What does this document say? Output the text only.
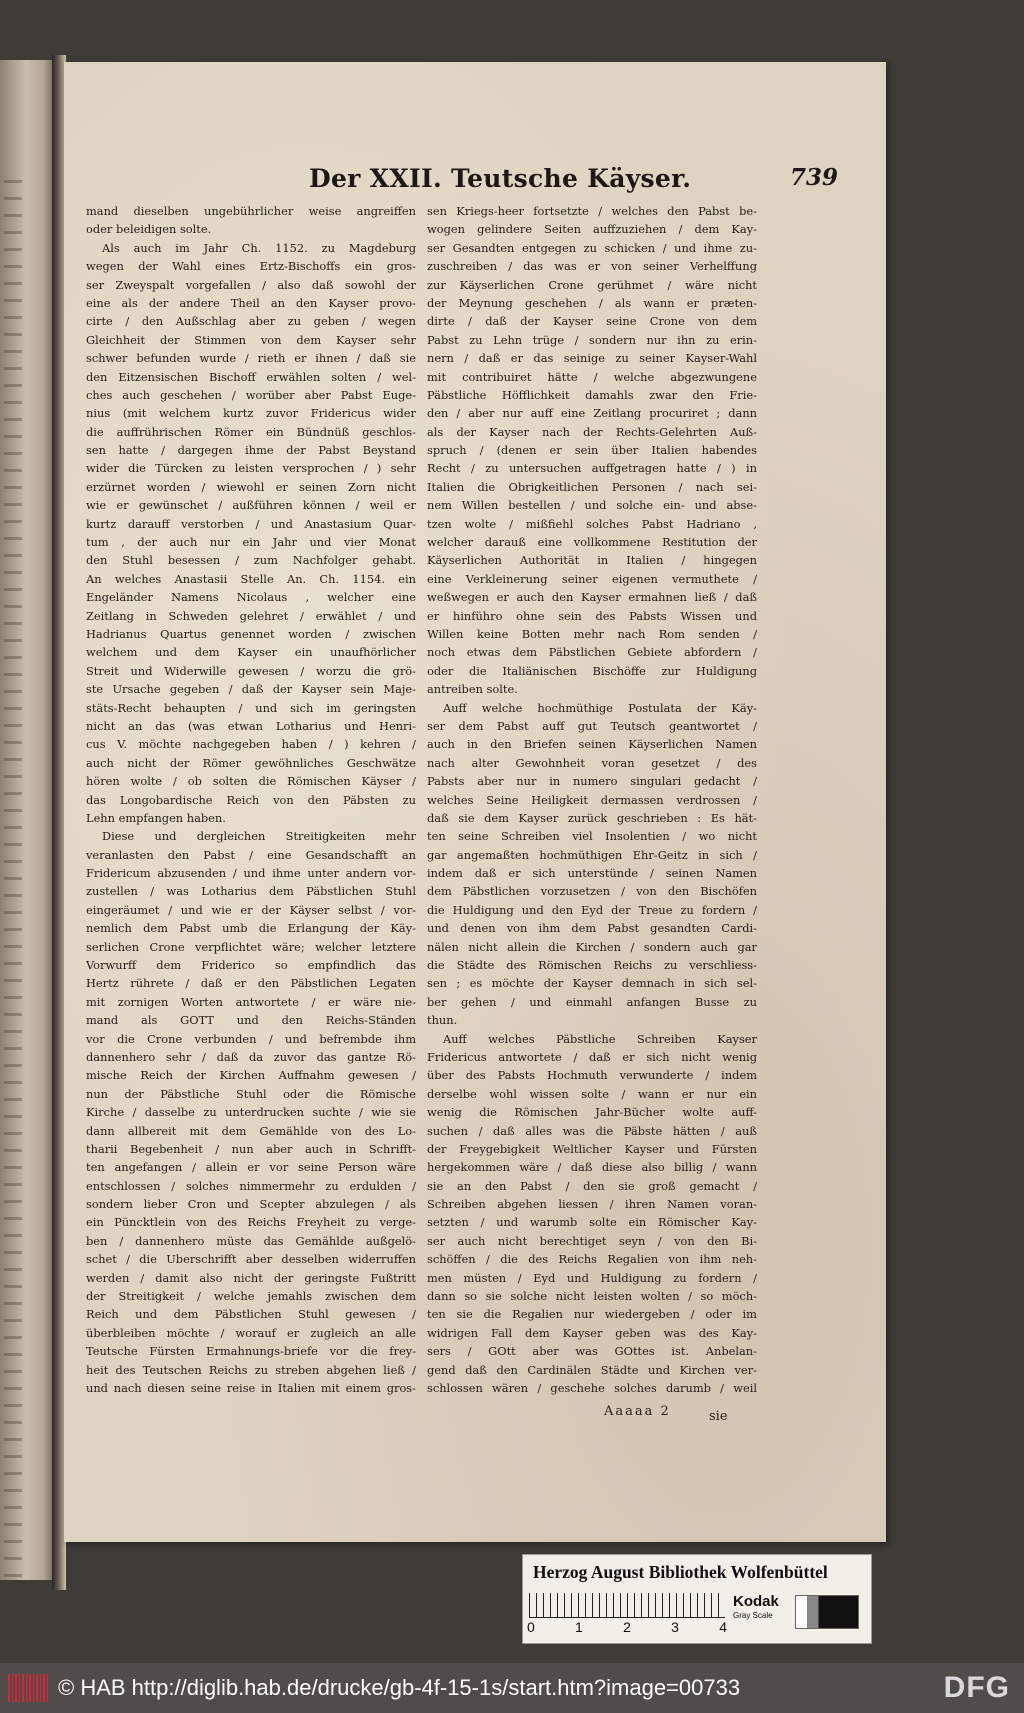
Der XXII. Teutsche Käyser.	739
mand dieselben ungebührlicher weise angreiffen
oder beleidigen solte.
Als auch im Jahr Ch. 1152. zu Magdeburg
wegen der Wahl eines Ertz-Bischoffs ein gros-
ser Zweyspalt vorgefallen / also daß sowohl der
eine als der andere Theil an den Kayser provo-
cirte / den Außschlag aber zu geben / wegen
Gleichheit der Stimmen von dem Kayser sehr
schwer befunden wurde / rieth er ihnen / daß sie
den Eitzensischen Bischoff erwählen solten / wel-
ches auch geschehen / worüber aber Pabst Euge-
nius (mit welchem kurtz zuvor Fridericus wider
die auffrührischen Römer ein Bündnüß geschlos-
sen hatte / dargegen ihme der Pabst Beystand
wider die Türcken zu leisten versprochen / ) sehr
erzürnet worden / wiewohl er seinen Zorn nicht
wie er gewünschet / außführen können / weil er
kurtz darauff verstorben / und Anastasium Quar-
tum , der auch nur ein Jahr und vier Monat
den Stuhl besessen / zum Nachfolger gehabt.
An welches Anastasii Stelle An. Ch. 1154. ein
Engeländer Namens Nicolaus , welcher eine
Zeitlang in Schweden gelehret / erwählet / und
Hadrianus Quartus genennet worden / zwischen
welchem und dem Kayser ein unaufhörlicher
Streit und Widerwille gewesen / worzu die grö-
ste Ursache gegeben / daß der Kayser sein Maje-
stäts-Recht behaupten / und sich im geringsten
nicht an das (was etwan Lotharius und Henri-
cus V. möchte nachgegeben haben / ) kehren /
auch nicht der Römer gewöhnliches Geschwätze
hören wolte / ob solten die Römischen Käyser /
das Longobardische Reich von den Päbsten zu
Lehn empfangen haben.
Diese und dergleichen Streitigkeiten mehr
veranlasten den Pabst / eine Gesandschafft an
Fridericum abzusenden / und ihme unter andern vor-
zustellen / was Lotharius dem Päbstlichen Stuhl
eingeräumet / und wie er der Käyser selbst / vor-
nemlich dem Pabst umb die Erlangung der Käy-
serlichen Crone verpflichtet wäre; welcher letztere
Vorwurff dem Friderico so empfindlich das
Hertz rührete / daß er den Päbstlichen Legaten
mit zornigen Worten antwortete / er wäre nie-
mand als GOTT und den Reichs-Ständen
vor die Crone verbunden / und befrembde ihm
dannenhero sehr / daß da zuvor das gantze Rö-
mische Reich der Kirchen Auffnahm gewesen /
nun der Päbstliche Stuhl oder die Römische
Kirche / dasselbe zu unterdrucken suchte / wie sie
dann allbereit mit dem Gemählde von des Lo-
tharii Begebenheit / nun aber auch in Schrifft-
ten angefangen / allein er vor seine Person wäre
entschlossen / solches nimmermehr zu erdulden /
sondern lieber Cron und Scepter abzulegen / als
ein Püncktlein von des Reichs Freyheit zu verge-
ben / dannenhero müste das Gemählde außgelö-
schet / die Uberschrifft aber desselben widerruffen
werden / damit also nicht der geringste Fußtritt
der Streitigkeit / welche jemahls zwischen dem
Reich und dem Päbstlichen Stuhl gewesen /
überbleiben möchte / worauf er zugleich an alle
Teutsche Fürsten Ermahnungs-briefe vor die frey-
heit des Teutschen Reichs zu streben abgehen ließ /
und nach diesen seine reise in Italien mit einem gros-
sen Kriegs-heer fortsetzte / welches den Pabst be-
wogen gelindere Seiten auffzuziehen / dem Kay-
ser Gesandten entgegen zu schicken / und ihme zu-
zuschreiben / das was er von seiner Verhelffung
zur Käyserlichen Crone gerühmet / wäre nicht
der Meynung geschehen / als wann er præten-
dirte / daß der Kayser seine Crone von dem
Pabst zu Lehn trüge / sondern nur ihn zu erin-
nern / daß er das seinige zu seiner Kayser-Wahl
mit contribuiret hätte / welche abgezwungene
Päbstliche Höfflichkeit damahls zwar den Frie-
den / aber nur auff eine Zeitlang procuriret ; dann
als der Kayser nach der Rechts-Gelehrten Auß-
spruch / (denen er sein über Italien habendes
Recht / zu untersuchen auffgetragen hatte / ) in
Italien die Obrigkeitlichen Personen / nach sei-
nem Willen bestellen / und solche ein- und abse-
tzen wolte / mißfiehl solches Pabst Hadriano ,
welcher darauß eine vollkommene Restitution der
Käyserlichen Authorität in Italien / hingegen
eine Verkleinerung seiner eigenen vermuthete /
weßwegen er auch den Kayser ermahnen ließ / daß
er hinführo ohne sein des Pabsts Wissen und
Willen keine Botten mehr nach Rom senden /
noch etwas dem Päbstlichen Gebiete abfordern /
oder die Italiänischen Bischöffe zur Huldigung
antreiben solte.
Auff welche hochmüthige Postulata der Käy-
ser dem Pabst auff gut Teutsch geantwortet /
auch in den Briefen seinen Käyserlichen Namen
nach alter Gewohnheit voran gesetzet / des
Pabsts aber nur in numero singulari gedacht /
welches Seine Heiligkeit dermassen verdrossen /
daß sie dem Kayser zurück geschrieben : Es hät-
ten seine Schreiben viel Insolentien / wo nicht
gar angemaßten hochmüthigen Ehr-Geitz in sich /
indem daß er sich unterstünde / seinen Namen
dem Päbstlichen vorzusetzen / von den Bischöfen
die Huldigung und den Eyd der Treue zu fordern /
und denen von ihm dem Pabst gesandten Cardi-
nälen nicht allein die Kirchen / sondern auch gar
die Städte des Römischen Reichs zu verschliess-
sen ; es möchte der Kayser demnach in sich sel-
ber gehen / und einmahl anfangen Busse zu
thun.
Auff welches Päbstliche Schreiben Kayser
Fridericus antwortete / daß er sich nicht wenig
über des Pabsts Hochmuth verwunderte / indem
derselbe wohl wissen solte / wann er nur ein
wenig die Römischen Jahr-Bücher wolte auff-
suchen / daß alles was die Päbste hätten / auß
der Freygebigkeit Weltlicher Kayser und Fürsten
hergekommen wäre / daß diese also billig / wann
sie an den Pabst / den sie groß gemacht /
Schreiben abgehen liessen / ihren Namen voran-
setzten / und warumb solte ein Römischer Kay-
ser auch nicht berechtiget seyn / von den Bi-
schöffen / die des Reichs Regalien von ihm neh-
men müsten / Eyd und Huldigung zu fordern /
dann so sie solche nicht leisten wolten / so möch-
ten sie die Regalien nur wiedergeben / oder im
widrigen Fall dem Kayser geben was des Kay-
sers / GOtt aber was GOttes ist. Anbelan-
gend daß den Cardinälen Städte und Kirchen ver-
schlossen wären / geschehe solches darumb / weil
Aaaaa 2	sie
Herzog August Bibliothek Wolfenbüttel
0	1	2	3	4
Kodak
Gray Scale
© HAB http://diglib.hab.de/drucke/gb-4f-15-1s/start.htm?image=00733	DFG
